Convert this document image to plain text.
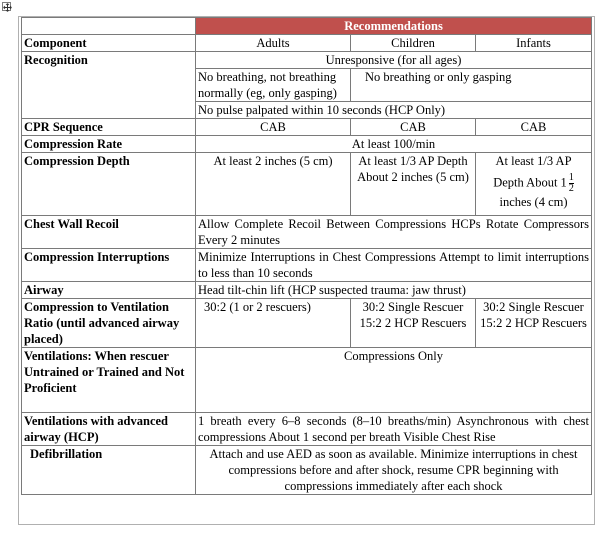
	Recommendations		
Component	Adults	Children	Infants
Recognition	Unresponsive (for all ages)		
	No breathing, not breathing normally (eg, only gasping)	No breathing or only gasping	
	No pulse palpated within 10 seconds (HCP Only)		
CPR Sequence	CAB	CAB	CAB
Compression Rate	At least 100/min		
Compression Depth	At least 2 inches (5 cm)	At least 1/3 AP Depth About 2 inches (5 cm)	At least 1/3 AP
Depth About $1 \frac{1}{2}$

inches (4 cm)
Chest Wall Recoil	Allow Complete Recoil Between Compressions HCPs Rotate Compressors Every 2 minutes		
Compression Interruptions	Minimize Interruptions in Chest Compressions Attempt to limit interruptions to less than 10 seconds		
Airway	Head tilt-chin lift (HCP suspected trauma: jaw thrust)		
Compression to Ventilation Ratio (until advanced airway placed)	30:2 (1 or 2 rescuers)	30:2 Single Rescuer 15:2 2 HCP Rescuers	30:2 Single Rescuer 15:2 2 HCP Rescuers
Ventilations: When rescuer Untrained or Trained and Not Proficient	Compressions Only		
Ventilations with advanced airway (HCP)	1 breath every 6–8 seconds (8–10 breaths/min) Asynchronous with chest compressions About 1 second per breath Visible Chest Rise		
Defibrillation	Attach and use AED as soon as available. Minimize interruptions in chest compressions before and after shock, resume CPR beginning with compressions immediately after each shock		
